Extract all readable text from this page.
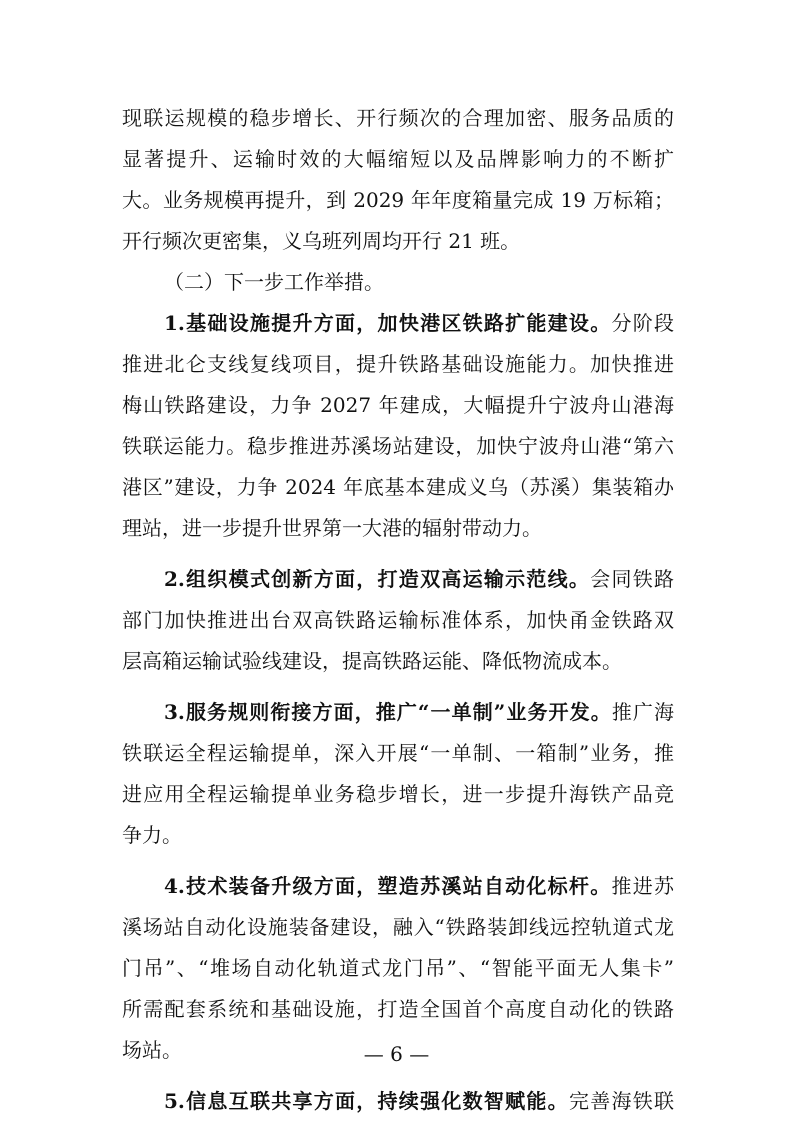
现联运规模的稳步增长、开行频次的合理加密、服务品质的
显著提升、运输时效的大幅缩短以及品牌影响力的不断扩
大。业务规模再提升，到 2029 年年度箱量完成 19 万标箱；
开行频次更密集，义乌班列周均开行 21 班。
（二）下一步工作举措。
1.基础设施提升方面，加快港区铁路扩能建设。分阶段
推进北仑支线复线项目，提升铁路基础设施能力。加快推进
梅山铁路建设，力争 2027 年建成，大幅提升宁波舟山港海
铁联运能力。稳步推进苏溪场站建设，加快宁波舟山港“第六
港区”建设，力争 2024 年底基本建成义乌（苏溪）集装箱办
理站，进一步提升世界第一大港的辐射带动力。
2.组织模式创新方面，打造双高运输示范线。会同铁路
部门加快推进出台双高铁路运输标准体系，加快甬金铁路双
层高箱运输试验线建设，提高铁路运能、降低物流成本。
3.服务规则衔接方面，推广“一单制”业务开发。推广海
铁联运全程运输提单，深入开展“一单制、一箱制”业务，推
进应用全程运输提单业务稳步增长，进一步提升海铁产品竞
争力。
4.技术装备升级方面，塑造苏溪站自动化标杆。推进苏
溪场站自动化设施装备建设，融入“铁路装卸线远控轨道式龙
门吊”、“堆场自动化轨道式龙门吊”、“智能平面无人集卡”
所需配套系统和基础设施，打造全国首个高度自动化的铁路
场站。
5.信息互联共享方面，持续强化数智赋能。完善海铁联
— 6 —
